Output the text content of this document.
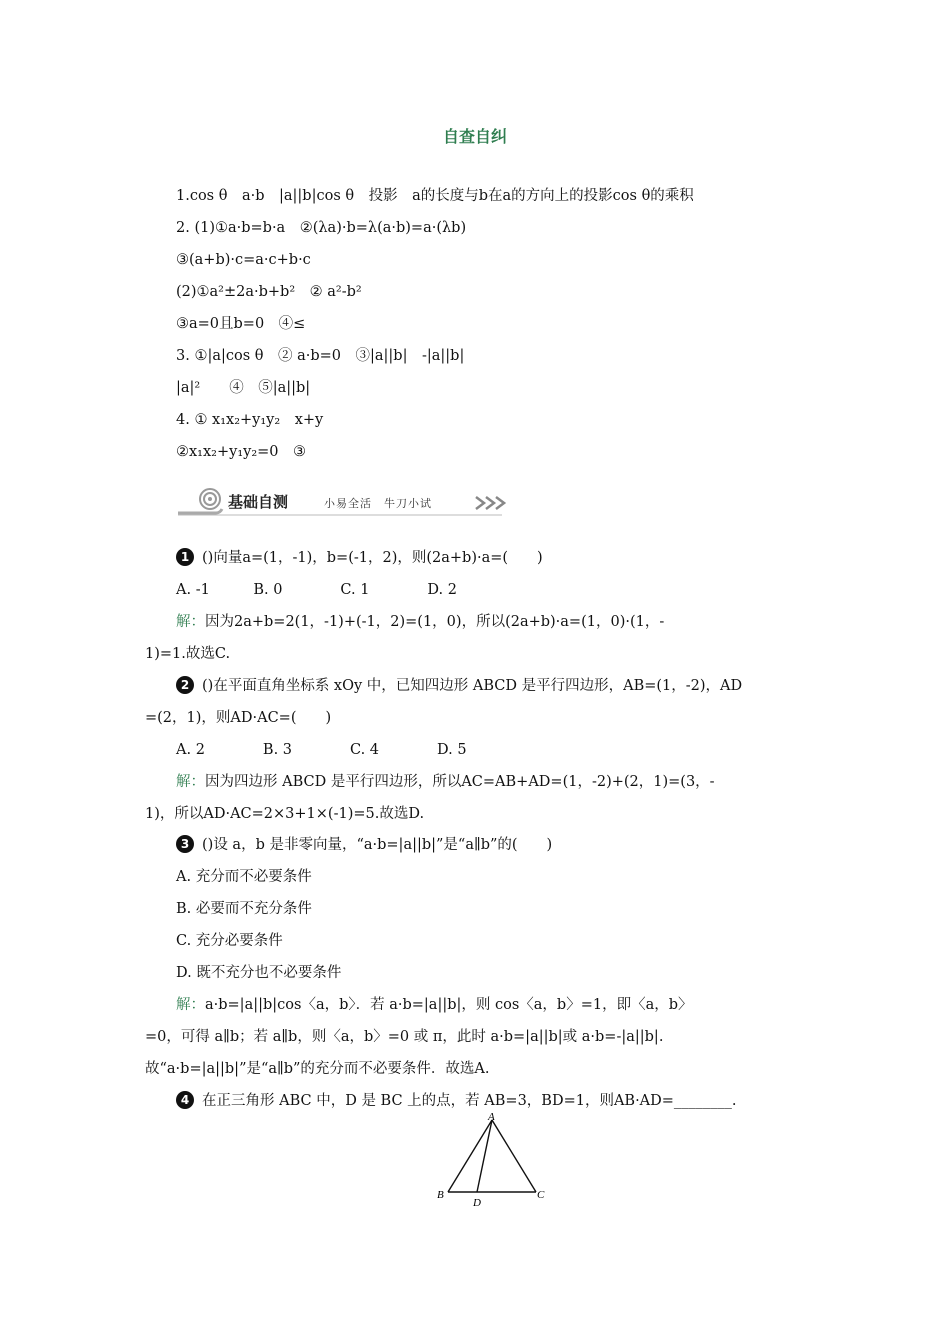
自查自纠
1.cos θ　a·b　|a||b|cos θ　投影　a的长度与b在a的方向上的投影cos θ的乘积
2. (1)①a·b=b·a　②(λa)·b=λ(a·b)=a·(λb)
③(a+b)·c=a·c+b·c
(2)①a²±2a·b+b²　② a²-b²
③a=0且b=0　④≤
3. ①|a|cos θ　② a·b=0　③|a||b|　-|a||b|
|a|²　　④　⑤|a||b|
4. ① x₁x₂+y₁y₂　x+y
②x₁x₂+y₁y₂=0　③
基础自测	小易全活　牛刀小试
1 ()向量a=(1，-1)，b=(-1，2)，则(2a+b)·a=(　　)
A. -1　　　B. 0　　　　C. 1　　　　D. 2
解：因为2a+b=2(1，-1)+(-1，2)=(1，0)，所以(2a+b)·a=(1，0)·(1，-
1)=1.故选C.
2 ()在平面直角坐标系 xOy 中，已知四边形 ABCD 是平行四边形，AB=(1，-2)，AD
=(2，1)，则AD·AC=(　　)
A. 2　　　　B. 3　　　　C. 4　　　　D. 5
解：因为四边形 ABCD 是平行四边形，所以AC=AB+AD=(1，-2)+(2，1)=(3，-
1)，所以AD·AC=2×3+1×(-1)=5.故选D.
3 ()设 a，b 是非零向量，“a·b=|a||b|”是“a∥b”的(　　)
A. 充分而不必要条件
B. 必要而不充分条件
C. 充分必要条件
D. 既不充分也不必要条件
解：a·b=|a||b|cos〈a，b〉．若 a·b=|a||b|，则 cos〈a，b〉=1，即〈a，b〉
=0，可得 a∥b；若 a∥b，则〈a，b〉=0 或 π，此时 a·b=|a||b|或 a·b=-|a||b|.
故“a·b=|a||b|”是“a∥b”的充分而不必要条件．故选A.
4 在正三角形 ABC 中，D 是 BC 上的点，若 AB=3，BD=1，则AB·AD=________.
A
B	C
D
